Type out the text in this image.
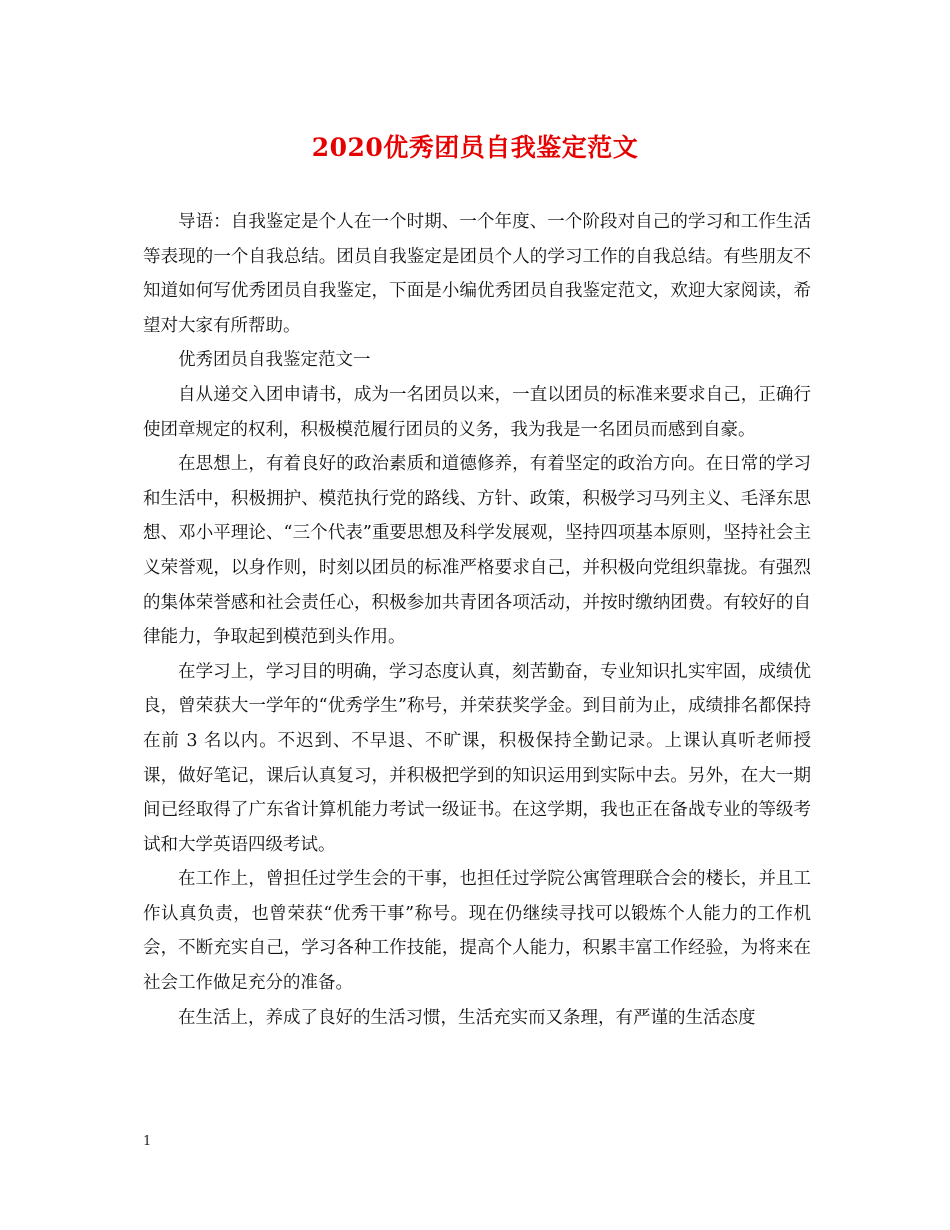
2020优秀团员自我鉴定范文

导语：自我鉴定是个人在一个时期、一个年度、一个阶段对自己的学习和工作生活等表现的一个自我总结。团员自我鉴定是团员个人的学习工作的自我总结。有些朋友不知道如何写优秀团员自我鉴定，下面是小编优秀团员自我鉴定范文，欢迎大家阅读，希望对大家有所帮助。

优秀团员自我鉴定范文一

自从递交入团申请书，成为一名团员以来，一直以团员的标准来要求自己，正确行使团章规定的权利，积极模范履行团员的义务，我为我是一名团员而感到自豪。

在思想上，有着良好的政治素质和道德修养，有着坚定的政治方向。在日常的学习和生活中，积极拥护、模范执行党的路线、方针、政策，积极学习马列主义、毛泽东思想、邓小平理论、“三个代表”重要思想及科学发展观，坚持四项基本原则，坚持社会主义荣誉观，以身作则，时刻以团员的标准严格要求自己，并积极向党组织靠拢。有强烈的集体荣誉感和社会责任心，积极参加共青团各项活动，并按时缴纳团费。有较好的自律能力，争取起到模范到头作用。

在学习上，学习目的明确，学习态度认真，刻苦勤奋，专业知识扎实牢固，成绩优良，曾荣获大一学年的“优秀学生”称号，并荣获奖学金。到目前为止，成绩排名都保持在前 3 名以内。不迟到、不早退、不旷课，积极保持全勤记录。上课认真听老师授课，做好笔记，课后认真复习，并积极把学到的知识运用到实际中去。另外，在大一期间已经取得了广东省计算机能力考试一级证书。在这学期，我也正在备战专业的等级考试和大学英语四级考试。

在工作上，曾担任过学生会的干事，也担任过学院公寓管理联合会的楼长，并且工作认真负责，也曾荣获“优秀干事”称号。现在仍继续寻找可以锻炼个人能力的工作机会，不断充实自己，学习各种工作技能，提高个人能力，积累丰富工作经验，为将来在社会工作做足充分的准备。

在生活上，养成了良好的生活习惯，生活充实而又条理，有严谨的生活态度

1
